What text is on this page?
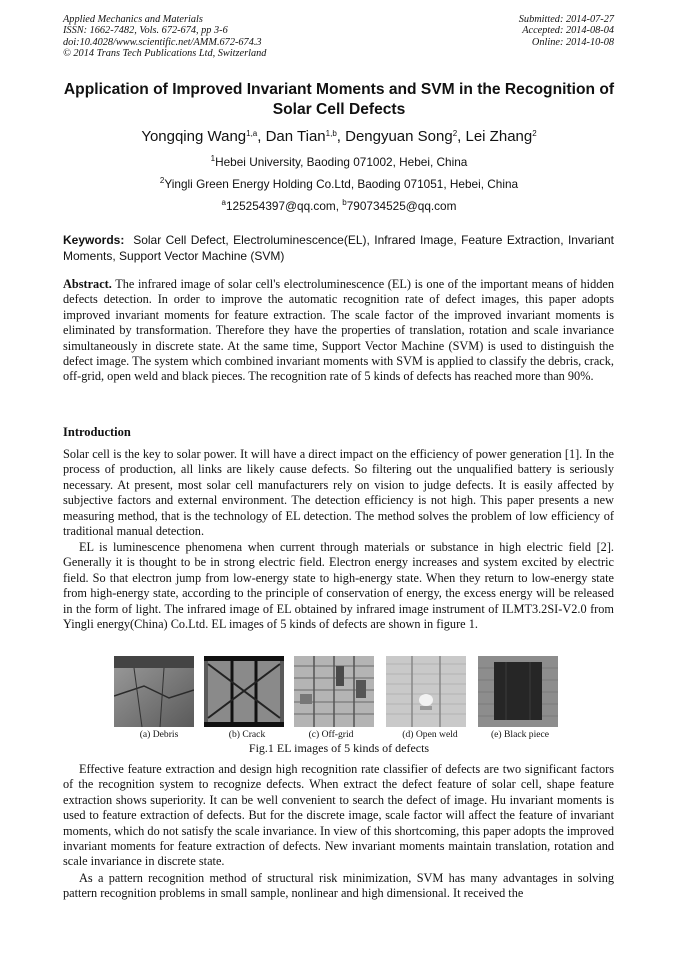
Applied Mechanics and Materials
ISSN: 1662-7482, Vols. 672-674, pp 3-6
doi:10.4028/www.scientific.net/AMM.672-674.3
© 2014 Trans Tech Publications Ltd, Switzerland
Submitted: 2014-07-27
Accepted: 2014-08-04
Online: 2014-10-08
Application of Improved Invariant Moments and SVM in the Recognition of Solar Cell Defects
Yongqing Wang$^{1,a}$, Dan Tian$^{1,b}$, Dengyuan Song$^2$, Lei Zhang$^2$
$^1$Hebei University, Baoding 071002, Hebei, China
$^2$Yingli Green Energy Holding Co.Ltd, Baoding 071051, Hebei, China
$^a$125254397@qq.com, $^b$790734525@qq.com
Keywords: Solar Cell Defect, Electroluminescence(EL), Infrared Image, Feature Extraction, Invariant Moments, Support Vector Machine (SVM)

Abstract. The infrared image of solar cell's electroluminescence (EL) is one of the important means of hidden defects detection. In order to improve the automatic recognition rate of defect images, this paper adopts improved invariant moments for feature extraction. The scale factor of the improved invariant moments is eliminated by transformation. Therefore they have the properties of translation, rotation and scale invariance simultaneously in discrete state. At the same time, Support Vector Machine (SVM) is used to distinguish the defect image. The system which combined invariant moments with SVM is applied to classify the debris, crack, off-grid, open weld and black pieces. The recognition rate of 5 kinds of defects has reached more than 90%.

Introduction

Solar cell is the key to solar power. It will have a direct impact on the efficiency of power generation [1]. In the process of production, all links are likely cause defects. So filtering out the unqualified battery is seriously necessary. At present, most solar cell manufacturers rely on vision to judge defects. It is easily affected by subjective factors and external environment. The detection efficiency is not high. This paper presents a new measuring method, that is the technology of EL detection. The method solves the problem of low efficiency of traditional manual detection.

EL is luminescence phenomena when current through materials or substance in high electric field [2]. Generally it is thought to be in strong electric field. Electron energy increases and system excited by electric field. So that electron jump from low-energy state to high-energy state. When they return to low-energy state from high-energy state, according to the principle of conservation of energy, the excess energy will be released in the form of light. The infrared image of EL obtained by infrared image instrument of ILMT3.2SI-V2.0 from Yingli energy(China) Co.Ltd. EL images of 5 kinds of defects are shown in figure 1.

(a) Debris	(b) Crack	(c) Off-grid	(d) Open weld	(e) Black piece
Fig.1 EL images of 5 kinds of defects

Effective feature extraction and design high recognition rate classifier of defects are two significant factors of the recognition system to recognize defects. When extract the defect feature of solar cell, shape feature extraction shows superiority. It can be well convenient to search the defect of image. Hu invariant moments is used to feature extraction of defects. But for the discrete image, scale factor will affect the feature of invariant moments, which do not satisfy the scale invariance. In view of this shortcoming, this paper adopts the improved invariant moments for feature extraction of defects. New invariant moments maintain translation, rotation and scale invariance in discrete state.

As a pattern recognition method of structural risk minimization, SVM has many advantages in solving pattern recognition problems in small sample, nonlinear and high dimensional. It received the
